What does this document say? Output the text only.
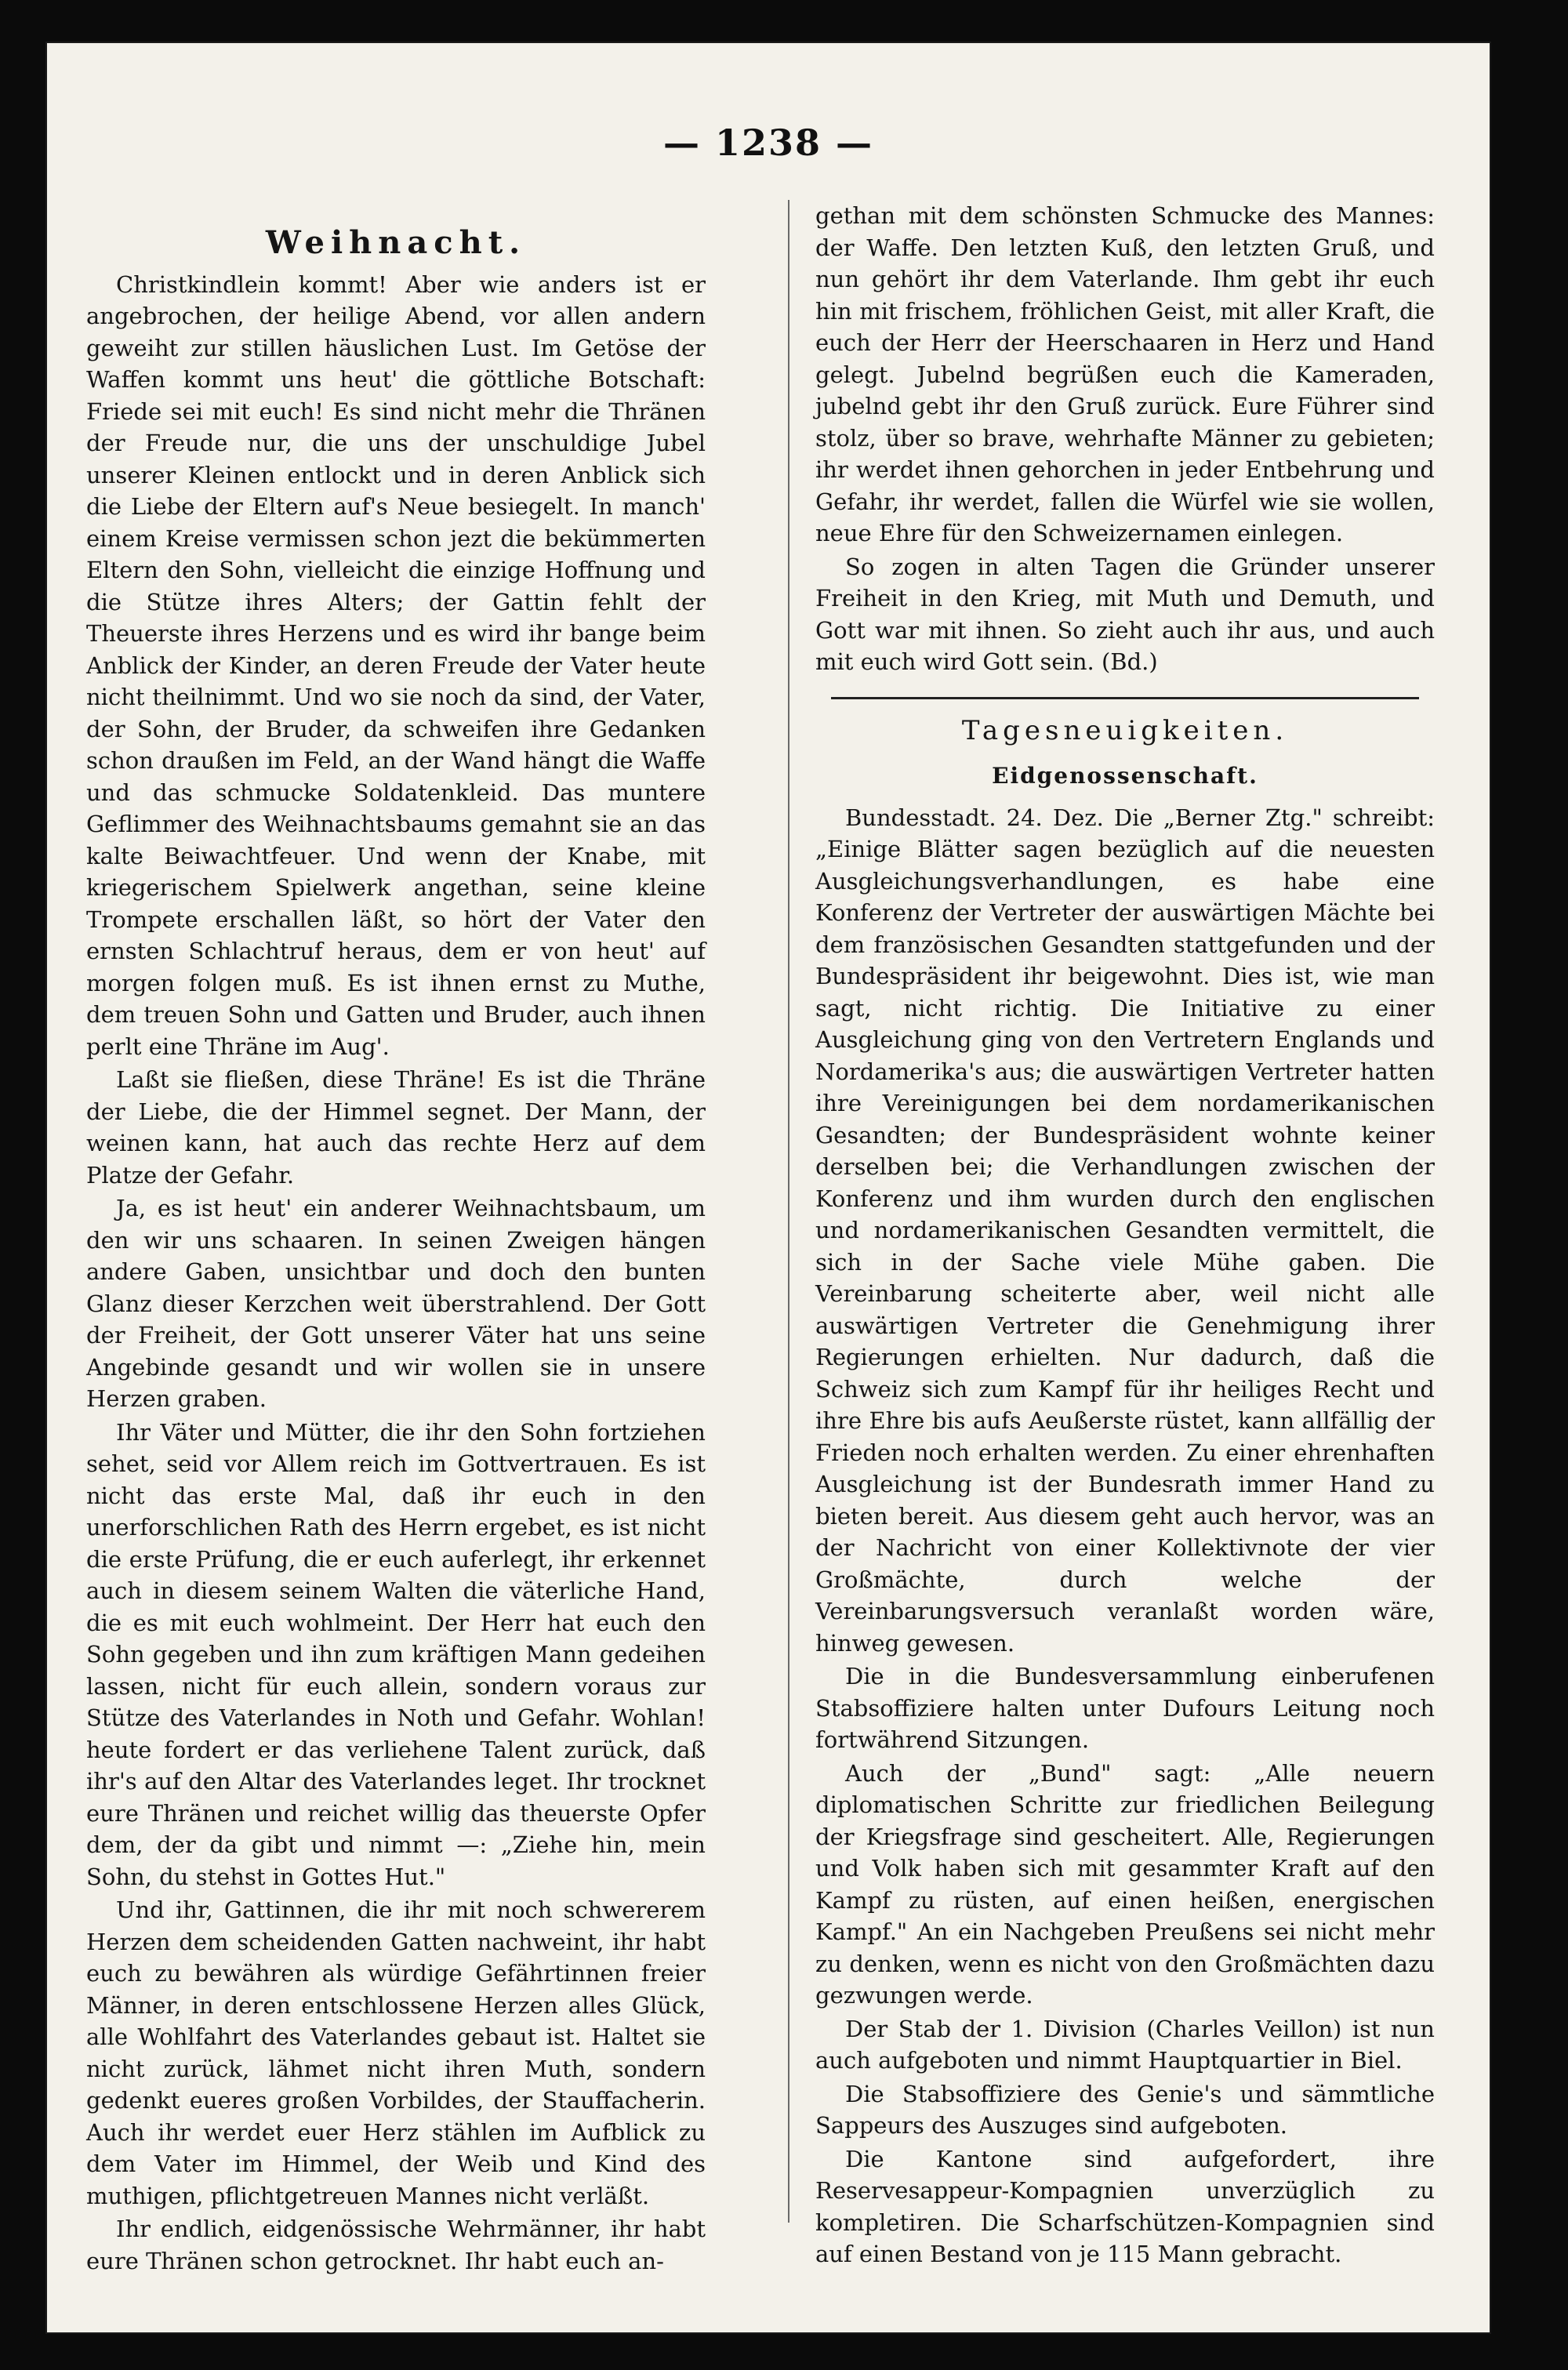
— 1238 —
Weihnacht.

Christkindlein kommt! Aber wie anders ist er angebrochen, der heilige Abend, vor allen andern geweiht zur stillen häuslichen Lust. Im Getöse der Waffen kommt uns heut' die göttliche Botschaft: Friede sei mit euch! Es sind nicht mehr die Thränen der Freude nur, die uns der unschuldige Jubel unserer Kleinen entlockt und in deren Anblick sich die Liebe der Eltern auf's Neue besiegelt. In manch' einem Kreise vermissen schon jezt die bekümmerten Eltern den Sohn, vielleicht die einzige Hoffnung und die Stütze ihres Alters; der Gattin fehlt der Theuerste ihres Herzens und es wird ihr bange beim Anblick der Kinder, an deren Freude der Vater heute nicht theilnimmt. Und wo sie noch da sind, der Vater, der Sohn, der Bruder, da schweifen ihre Gedanken schon draußen im Feld, an der Wand hängt die Waffe und das schmucke Soldatenkleid. Das muntere Geflimmer des Weihnachtsbaums gemahnt sie an das kalte Beiwachtfeuer. Und wenn der Knabe, mit kriegerischem Spielwerk angethan, seine kleine Trompete erschallen läßt, so hört der Vater den ernsten Schlachtruf heraus, dem er von heut' auf morgen folgen muß. Es ist ihnen ernst zu Muthe, dem treuen Sohn und Gatten und Bruder, auch ihnen perlt eine Thräne im Aug'.

Laßt sie fließen, diese Thräne! Es ist die Thräne der Liebe, die der Himmel segnet. Der Mann, der weinen kann, hat auch das rechte Herz auf dem Platze der Gefahr.

Ja, es ist heut' ein anderer Weihnachtsbaum, um den wir uns schaaren. In seinen Zweigen hängen andere Gaben, unsichtbar und doch den bunten Glanz dieser Kerzchen weit überstrahlend. Der Gott der Freiheit, der Gott unserer Väter hat uns seine Angebinde gesandt und wir wollen sie in unsere Herzen graben.

Ihr Väter und Mütter, die ihr den Sohn fortziehen sehet, seid vor Allem reich im Gottvertrauen. Es ist nicht das erste Mal, daß ihr euch in den unerforschlichen Rath des Herrn ergebet, es ist nicht die erste Prüfung, die er euch auferlegt, ihr erkennet auch in diesem seinem Walten die väterliche Hand, die es mit euch wohlmeint. Der Herr hat euch den Sohn gegeben und ihn zum kräftigen Mann gedeihen lassen, nicht für euch allein, sondern voraus zur Stütze des Vaterlandes in Noth und Gefahr. Wohlan! heute fordert er das verliehene Talent zurück, daß ihr's auf den Altar des Vaterlandes leget. Ihr trocknet eure Thränen und reichet willig das theuerste Opfer dem, der da gibt und nimmt —: „Ziehe hin, mein Sohn, du stehst in Gottes Hut."

Und ihr, Gattinnen, die ihr mit noch schwererem Herzen dem scheidenden Gatten nachweint, ihr habt euch zu bewähren als würdige Gefährtinnen freier Männer, in deren entschlossene Herzen alles Glück, alle Wohlfahrt des Vaterlandes gebaut ist. Haltet sie nicht zurück, lähmet nicht ihren Muth, sondern gedenkt eueres großen Vorbildes, der Stauffacherin. Auch ihr werdet euer Herz stählen im Aufblick zu dem Vater im Himmel, der Weib und Kind des muthigen, pflichtgetreuen Mannes nicht verläßt.

Ihr endlich, eidgenössische Wehrmänner, ihr habt eure Thränen schon getrocknet. Ihr habt euch an-

gethan mit dem schönsten Schmucke des Mannes: der Waffe. Den letzten Kuß, den letzten Gruß, und nun gehört ihr dem Vaterlande. Ihm gebt ihr euch hin mit frischem, fröhlichen Geist, mit aller Kraft, die euch der Herr der Heerschaaren in Herz und Hand gelegt. Jubelnd begrüßen euch die Kameraden, jubelnd gebt ihr den Gruß zurück. Eure Führer sind stolz, über so brave, wehrhafte Männer zu gebieten; ihr werdet ihnen gehorchen in jeder Entbehrung und Gefahr, ihr werdet, fallen die Würfel wie sie wollen, neue Ehre für den Schweizernamen einlegen.

So zogen in alten Tagen die Gründer unserer Freiheit in den Krieg, mit Muth und Demuth, und Gott war mit ihnen. So zieht auch ihr aus, und auch mit euch wird Gott sein. (Bd.)

Tagesneuigkeiten.
Eidgenossenschaft.

Bundesstadt. 24. Dez. Die „Berner Ztg." schreibt: „Einige Blätter sagen bezüglich auf die neuesten Ausgleichungsverhandlungen, es habe eine Konferenz der Vertreter der auswärtigen Mächte bei dem französischen Gesandten stattgefunden und der Bundespräsident ihr beigewohnt. Dies ist, wie man sagt, nicht richtig. Die Initiative zu einer Ausgleichung ging von den Vertretern Englands und Nordamerika's aus; die auswärtigen Vertreter hatten ihre Vereinigungen bei dem nordamerikanischen Gesandten; der Bundespräsident wohnte keiner derselben bei; die Verhandlungen zwischen der Konferenz und ihm wurden durch den englischen und nordamerikanischen Gesandten vermittelt, die sich in der Sache viele Mühe gaben. Die Vereinbarung scheiterte aber, weil nicht alle auswärtigen Vertreter die Genehmigung ihrer Regierungen erhielten. Nur dadurch, daß die Schweiz sich zum Kampf für ihr heiliges Recht und ihre Ehre bis aufs Aeußerste rüstet, kann allfällig der Frieden noch erhalten werden. Zu einer ehrenhaften Ausgleichung ist der Bundesrath immer Hand zu bieten bereit. Aus diesem geht auch hervor, was an der Nachricht von einer Kollektivnote der vier Großmächte, durch welche der Vereinbarungsversuch veranlaßt worden wäre, hinweg gewesen.

Die in die Bundesversammlung einberufenen Stabsoffiziere halten unter Dufours Leitung noch fortwährend Sitzungen.

Auch der „Bund" sagt: „Alle neuern diplomatischen Schritte zur friedlichen Beilegung der Kriegsfrage sind gescheitert. Alle, Regierungen und Volk haben sich mit gesammter Kraft auf den Kampf zu rüsten, auf einen heißen, energischen Kampf." An ein Nachgeben Preußens sei nicht mehr zu denken, wenn es nicht von den Großmächten dazu gezwungen werde.

Der Stab der 1. Division (Charles Veillon) ist nun auch aufgeboten und nimmt Hauptquartier in Biel.

Die Stabsoffiziere des Genie's und sämmtliche Sappeurs des Auszuges sind aufgeboten.

Die Kantone sind aufgefordert, ihre Reservesappeur-Kompagnien unverzüglich zu kompletiren. Die Scharfschützen-Kompagnien sind auf einen Bestand von je 115 Mann gebracht.
